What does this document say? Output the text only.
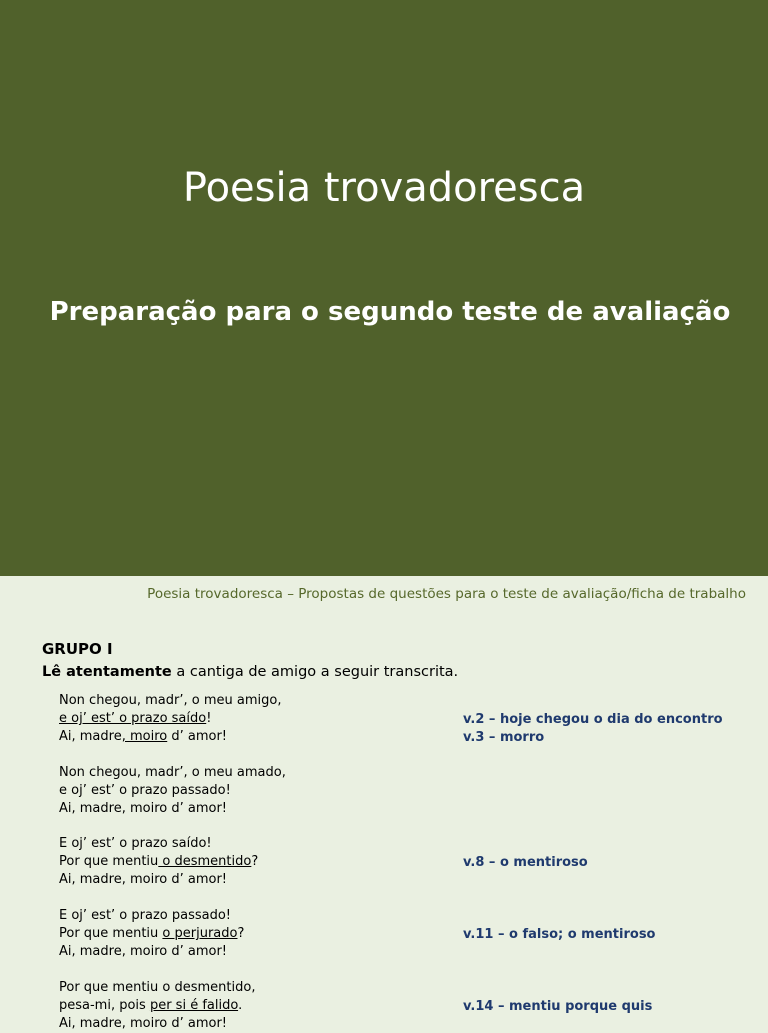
Poesia trovadoresca
Preparação para o segundo teste de avaliação
Poesia trovadoresca – Propostas de questões para o teste de avaliação/ficha de trabalho
GRUPO I
Lê atentamente a cantiga de amigo a seguir transcrita.
Non chegou, madr’, o meu amigo,
e oj’ est’ o prazo saído!
Ai, madre, moiro d’ amor!
Non chegou, madr’, o meu amado,
e oj’ est’ o prazo passado!
Ai, madre, moiro d’ amor!
E oj’ est’ o prazo saído!
Por que mentiu o desmentido?
Ai, madre, moiro d’ amor!
E oj’ est’ o prazo passado!
Por que mentiu o perjurado?
Ai, madre, moiro d’ amor!
Por que mentiu o desmentido,
pesa-mi, pois per si é falido.
Ai, madre, moiro d’ amor!
v.2 – hoje chegou o dia do encontro
v.3 – morro
v.8 – o mentiroso
v.11 – o falso; o mentiroso
v.14 – mentiu porque quis
